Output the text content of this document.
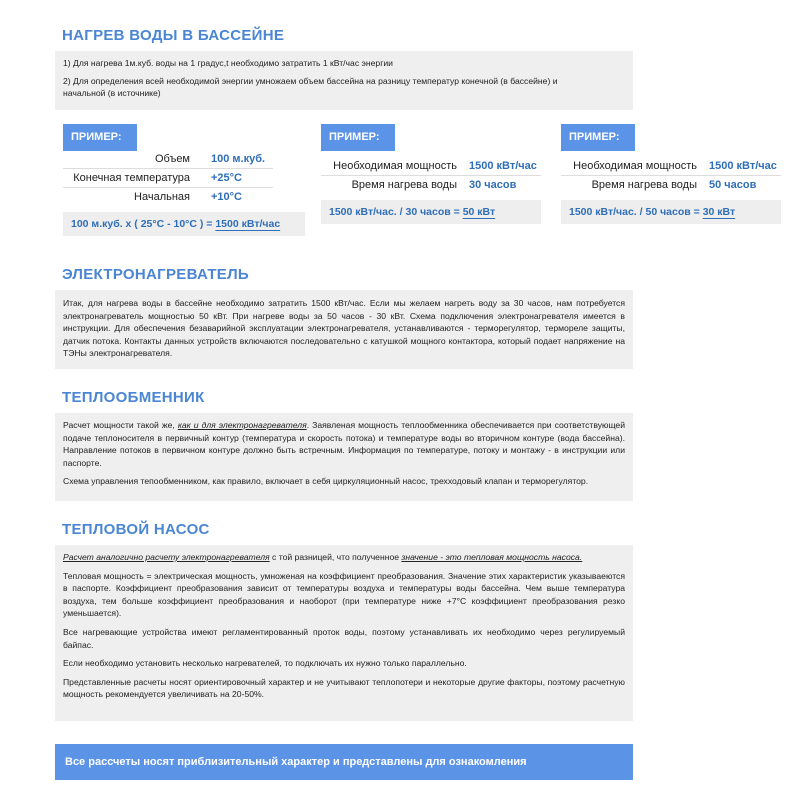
НАГРЕВ ВОДЫ В БАССЕЙНЕ

1) Для нагрева 1м.куб. воды на 1 градус,t необходимо затратить 1 кВт/час энергии

2) Для определения всей необходимой энергии умножаем объем бассейна на разницу температур конечной (в бассейне) и начальной (в источнике)

ПРИМЕР:
Объем 100 м.куб.
Конечная температура +25°C
Начальная +10°C
100 м.куб. х ( 25°C - 10°C ) = 1500 кВт/час
ПРИМЕР:
Необходимая мощность 1500 кВт/час
Время нагрева воды 30 часов
1500 кВт/час. / 30 часов = 50 кВт
ПРИМЕР:
Необходимая мощность 1500 кВт/час
Время нагрева воды 50 часов
1500 кВт/час. / 50 часов = 30 кВт
ЭЛЕКТРОНАГРЕВАТЕЛЬ

Итак, для нагрева воды в бассейне необходимо затратить 1500 кВт/час. Если мы желаем нагреть воду за 30 часов, нам потребуется электронагреватель мощностью 50 кВт. При нагреве воды за 50 часов - 30 кВт. Схема подключения электронагревателя имеется в инструкции. Для обеспечения безаварийной эксплуатации электронагревателя, устанавливаются - терморегулятор, термореле защиты, датчик потока. Контакты данных устройств включаются последовательно с катушкой мощного контактора, который подает напряжение на ТЭНы электронагревателя.

ТЕПЛООБМЕННИК

Расчет мощности такой же, как и для электронагревателя. Заявленая мощность теплообменника обеспечивается при соответствующей подаче теплоносителя в первичный контур (температура и скорость потока) и температуре воды во вторичном контуре (вода бассейна). Направление потоков в первичном контуре должно быть встречным. Информация по температуре, потоку и монтажу - в инструкции или паспорте.

Схема управления тепообменником, как правило, включает в себя циркуляционный насос, трехходовый клапан и терморегулятор.

ТЕПЛОВОЙ НАСОС

Расчет аналогично расчету электронагревателя с той разницей, что полученное значение - это тепловая мощность насоса.

Тепловая мощность = электрическая мощность, умноженая на коэффициент преобразования. Значение этих характеристик указываеются в паспорте. Коэффициент преобразования зависит от температуры воздуха и температуры воды бассейна. Чем выше температура воздуха, тем больше коэффициент преобразования и наоборот (при температуре ниже +7°C коэффициент преобразования резко уменьшается).

Все нагревающие устройства имеют регламентированный проток воды, поэтому устанавливать их необходимо через регулируемый байпас.

Если необходимо установить несколько нагревателей, то подключать их нужно только параллельно.

Представленные расчеты носят ориентировочный характер и не учитывают теплопотери и некоторые другие факторы, поэтому расчетную мощность рекомендуется увеличивать на 20-50%.

Все рассчеты носят приблизительный характер и представлены для ознакомления
